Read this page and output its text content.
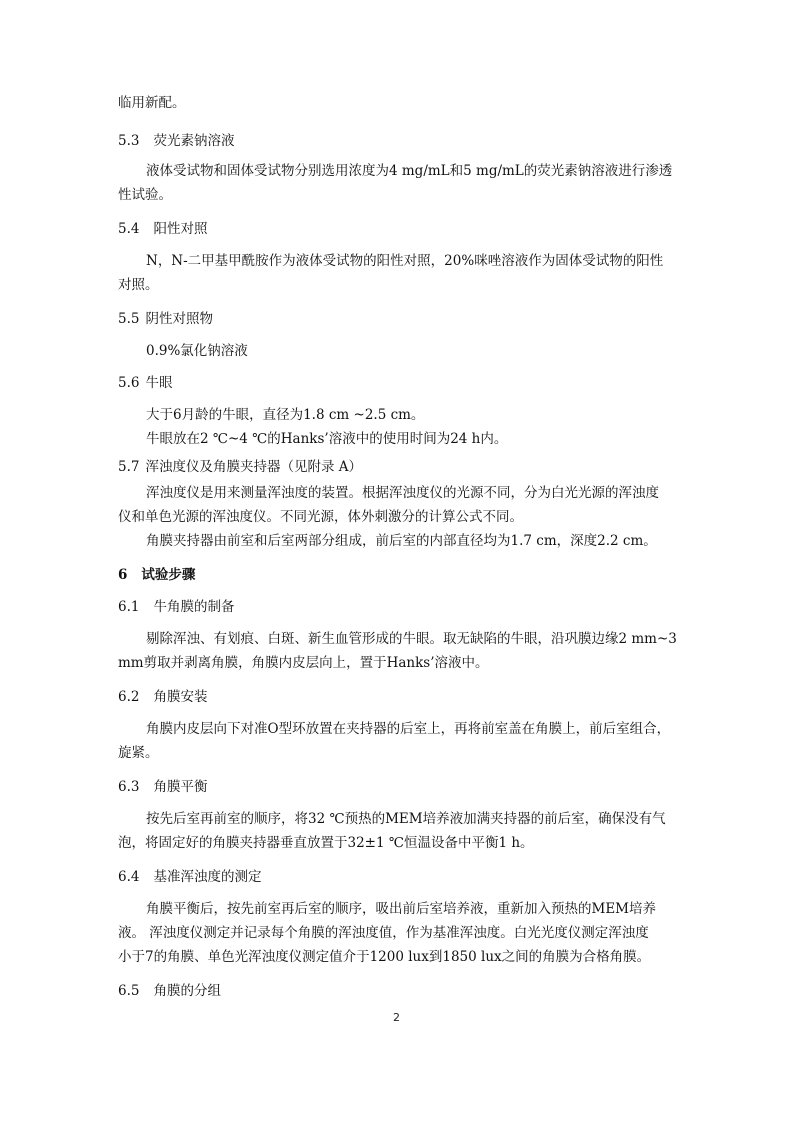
临用新配。
5.3 荧光素钠溶液
液体受试物和固体受试物分别选用浓度为4 mg/mL和5 mg/mL的荧光素钠溶液进行渗透
性试验。
5.4 阳性对照
N，N-二甲基甲酰胺作为液体受试物的阳性对照，20%咪唑溶液作为固体受试物的阳性
对照。
5.5 阴性对照物
0.9%氯化钠溶液
5.6 牛眼
大于6月龄的牛眼，直径为1.8 cm ~2.5 cm。
牛眼放在2 ℃~4 ℃的Hanks’溶液中的使用时间为24 h内。
5.7 浑浊度仪及角膜夹持器（见附录 A）
浑浊度仪是用来测量浑浊度的装置。根据浑浊度仪的光源不同，分为白光光源的浑浊度
仪和单色光源的浑浊度仪。不同光源，体外刺激分的计算公式不同。
角膜夹持器由前室和后室两部分组成，前后室的内部直径均为1.7 cm，深度2.2 cm。
6 试验步骤
6.1 牛角膜的制备
剔除浑浊、有划痕、白斑、新生血管形成的牛眼。取无缺陷的牛眼，沿巩膜边缘2 mm~3
mm剪取并剥离角膜，角膜内皮层向上，置于Hanks’溶液中。
6.2 角膜安装
角膜内皮层向下对准O型环放置在夹持器的后室上，再将前室盖在角膜上，前后室组合，
旋紧。
6.3 角膜平衡
按先后室再前室的顺序，将32 ℃预热的MEM培养液加满夹持器的前后室，确保没有气
泡，将固定好的角膜夹持器垂直放置于32±1 ℃恒温设备中平衡1 h。
6.4 基准浑浊度的测定
角膜平衡后，按先前室再后室的顺序，吸出前后室培养液，重新加入预热的MEM培养
液。 浑浊度仪测定并记录每个角膜的浑浊度值，作为基准浑浊度。白光光度仪测定浑浊度
小于7的角膜、单色光浑浊度仪测定值介于1200 lux到1850 lux之间的角膜为合格角膜。
6.5 角膜的分组
2
